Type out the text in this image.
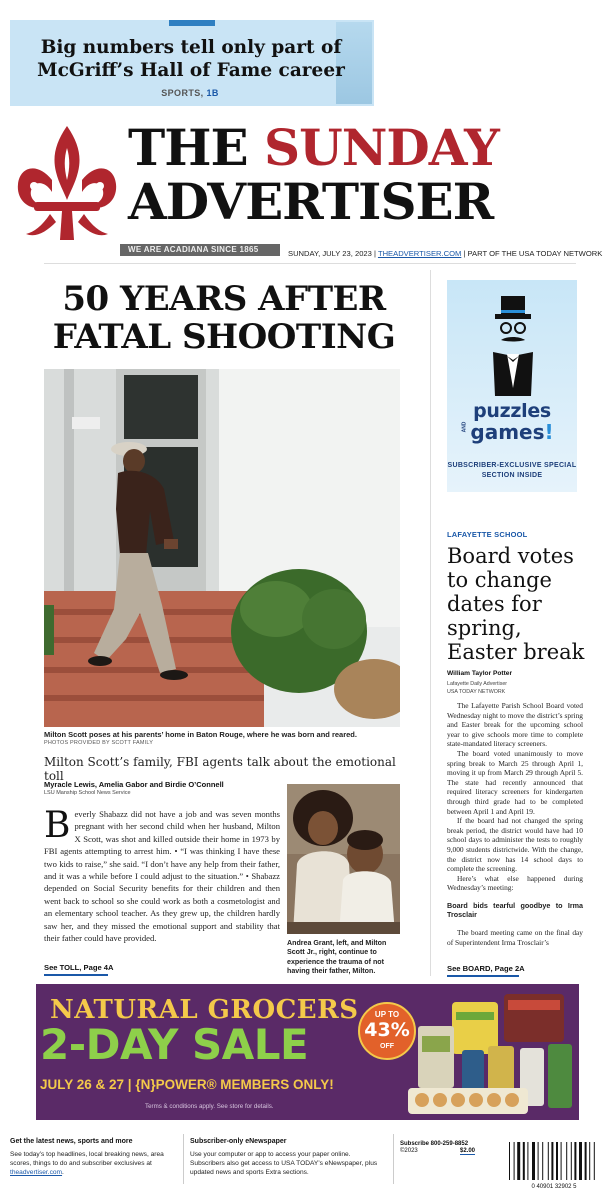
Big numbers tell only part of McGriff’s Hall of Fame career
SPORTS, 1B
THE SUNDAY
ADVERTISER
WE ARE ACADIANA SINCE 1865	SUNDAY, JULY 23, 2023 | THEADVERTISER.COM | PART OF THE USA TODAY NETWORK
50 YEARS AFTER FATAL SHOOTING
Milton Scott poses at his parents’ home in Baton Rouge, where he was born and reared.
PHOTOS PROVIDED BY SCOTT FAMILY
Milton Scott’s family, FBI agents talk about the emotional toll
Myracle Lewis, Amelia Gabor and Birdie O’Connell
LSU Manship School News Service
Beverly Shabazz did not have a job and was seven months pregnant with her second child when her husband, Milton X Scott, was shot and killed outside their home in 1973 by FBI agents attempting to arrest him. • “I was thinking I have these two kids to raise,” she said. “I don’t have any help from their father, and it was a while before I could adjust to the situation.” • Shabazz depended on Social Security benefits for their children and then went back to school so she could work as both a cosmetologist and an elementary school teacher. As they grew up, the children hardly saw her, and they missed the emotional support and stability that their father could have provided.
See TOLL, Page 4A
Andrea Grant, left, and Milton Scott Jr., right, continue to experience the trauma of not having their father, Milton.
puzzles
AND games!
SUBSCRIBER-EXCLUSIVE SPECIAL SECTION INSIDE
LAFAYETTE SCHOOL
Board votes to change dates for spring, Easter break
William Taylor Potter
Lafayette Daily Advertiser
USA TODAY NETWORK

The Lafayette Parish School Board voted Wednesday night to move the district’s spring and Easter break for the upcoming school year to give schools more time to complete state-mandated literacy screeners.

The board voted unanimously to move spring break to March 25 through April 1, moving it up from March 29 through April 5. The state had recently announced that required literacy screeners for kindergarten through third grade had to be completed between April 1 and April 19.

If the board had not changed the spring break period, the district would have had 10 school days to administer the tests to roughly 9,000 students districtwide. With the change, the district now has 14 school days to complete the screening.

Here’s what else happened during Wednesday’s meeting:

Board bids tearful goodbye to Irma Trosclair

The board meeting came on the final day of Superintendent Irma Trosclair’s

See BOARD, Page 2A
NATURAL GROCERS
2-DAY SALE
JULY 26 & 27 | {N}POWER® MEMBERS ONLY!
Terms & conditions apply. See store for details.
UP TO
43%
OFF
Get the latest news, sports and more
See today’s top headlines, local breaking news, area scores, things to do and subscriber exclusives at theadvertiser.com.
Subscriber-only eNewspaper
Use your computer or app to access your paper online. Subscribers also get access to USA TODAY’s eNewspaper, plus updated news and sports Extra sections.
Subscribe 800-259-8852
©2023	$2.00
0 40901 32902 5
